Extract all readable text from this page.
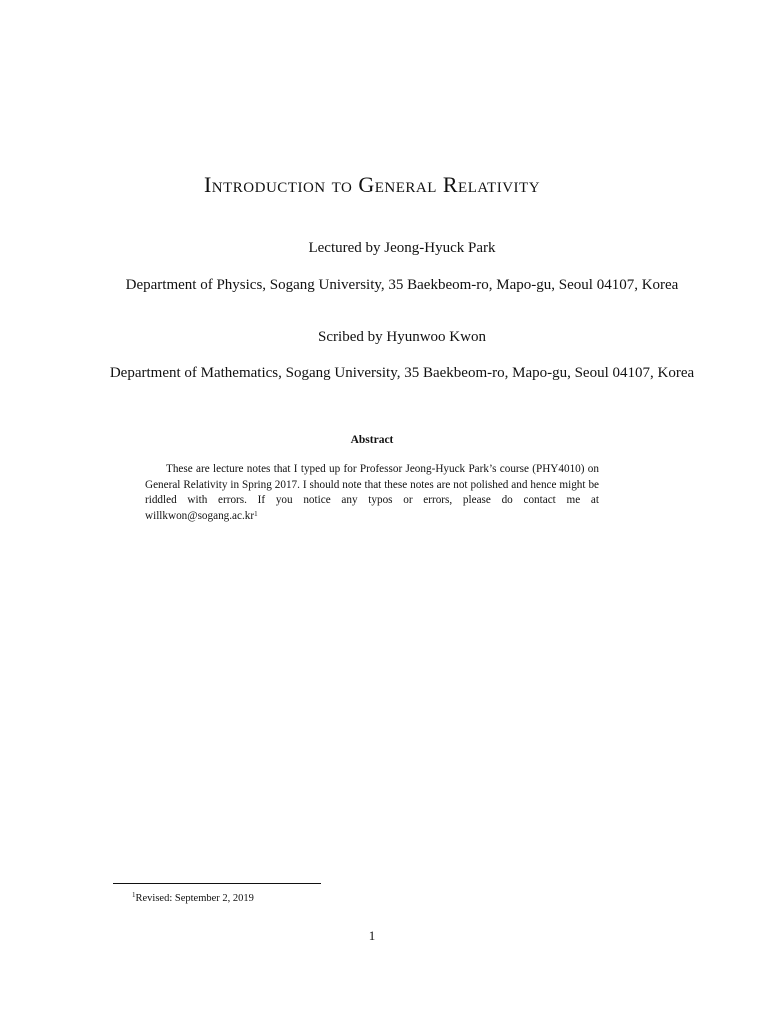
Introduction to General Relativity
Lectured by Jeong-Hyuck Park
Department of Physics, Sogang University, 35 Baekbeom-ro, Mapo-gu, Seoul 04107, Korea
Scribed by Hyunwoo Kwon
Department of Mathematics, Sogang University, 35 Baekbeom-ro, Mapo-gu, Seoul 04107, Korea
Abstract
These are lecture notes that I typed up for Professor Jeong-Hyuck Park’s course (PHY4010) on General Relativity in Spring 2017. I should note that these notes are not polished and hence might be riddled with errors. If you notice any typos or errors, please do contact me at $willkwon@sogang.ac.kr^1$
$^1$Revised: September 2, 2019
1
